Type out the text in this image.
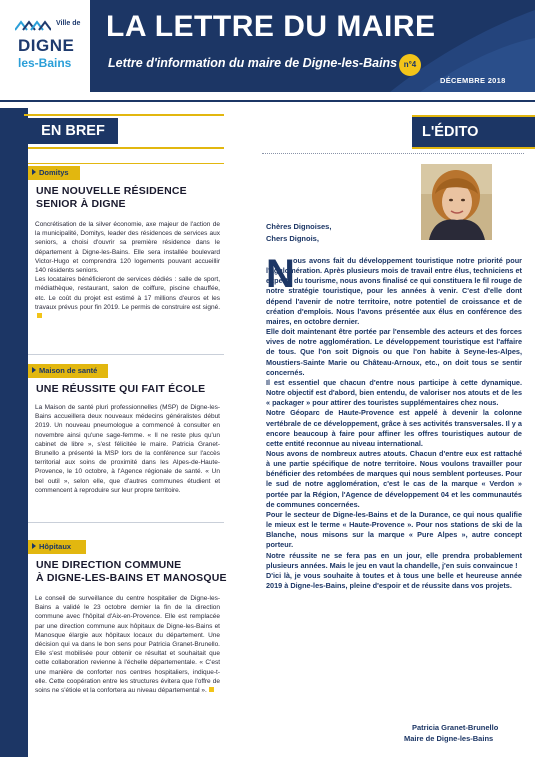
Ville de
DIGNE
les-Bains
LA LETTRE DU MAIRE
Lettre d'information du maire de Digne-les-Bains n°4
DÉCEMBRE 2018
EN BREF
Domitys
UNE NOUVELLE RÉSIDENCE
SENIOR À DIGNE

Concrétisation de la silver économie, axe majeur de l'action de la municipalité, Domitys, leader des résidences de services aux seniors, a choisi d'ouvrir sa première résidence dans le département à Digne-les-Bains. Elle sera installée boulevard Victor-Hugo et comprendra 120 logements pouvant accueillir 140 résidents seniors.

Les locataires bénéficieront de services dédiés : salle de sport, médiathèque, restaurant, salon de coiffure, piscine chauffée, etc. Le coût du projet est estimé à 17 millions d'euros et les travaux prévus pour fin 2019. Le permis de construire est signé.

Maison de santé
UNE RÉUSSITE QUI FAIT ÉCOLE

La Maison de santé pluri professionnelles (MSP) de Digne-les-Bains accueillera deux nouveaux médecins généralistes début 2019. Un nouveau pneumologue a commencé à consulter en novembre ainsi qu'une sage-femme. « Il ne reste plus qu'un cabinet de libre », s'est félicitée le maire. Patricia Granet-Brunello a présenté la MSP lors de la conférence sur l'accès territorial aux soins de proximité dans les Alpes-de-Haute-Provence, le 10 octobre, à l'Agence régionale de santé. « Un bel outil », selon elle, que d'autres communes étudient et commencent à reproduire sur leur propre territoire.

Hôpitaux
UNE DIRECTION COMMUNE
À DIGNE-LES-BAINS ET MANOSQUE

Le conseil de surveillance du centre hospitalier de Digne-les-Bains a validé le 23 octobre dernier la fin de la direction commune avec l'hôpital d'Aix-en-Provence. Elle est remplacée par une direction commune aux hôpitaux de Digne-les-Bains et Manosque élargie aux hôpitaux locaux du département. Une décision qui va dans le bon sens pour Patricia Granet-Brunello. Elle s'est mobilisée pour obtenir ce résultat et souhaitait que cette collaboration revienne à l'échelle départementale. « C'est une manière de conforter nos centres hospitaliers, indique-t-elle. Cette coopération entre les structures évitera que l'offre de soins ne s'étiole et la confortera au niveau départemental ».

L'ÉDITO
Chères Dignoises,
Chers Dignois,
N

ous avons fait du développement touristique notre priorité pour l'agglomération. Après plusieurs mois de travail entre élus, techniciens et experts du tourisme, nous avons finalisé ce qui constituera le fil rouge de notre stratégie touristique, pour les années à venir. C'est d'elle dont dépend l'avenir de notre territoire, notre potentiel de croissance et de création d'emplois. Nous l'avons présentée aux élus en conférence des maires, en octobre dernier.

Elle doit maintenant être portée par l'ensemble des acteurs et des forces vives de notre agglomération. Le développement touristique est l'affaire de tous. Que l'on soit Dignois ou que l'on habite à Seyne-les-Alpes, Moustiers-Sainte Marie ou Château-Arnoux, etc., on doit tous se sentir concernés.

Il est essentiel que chacun d'entre nous participe à cette dynamique. Notre objectif est d'abord, bien entendu, de valoriser nos atouts et de les « packager » pour attirer des touristes supplémentaires chez nous.

Notre Géoparc de Haute-Provence est appelé à devenir la colonne vertébrale de ce développement, grâce à ses activités transversales. Il y a encore beaucoup à faire pour affiner les offres touristiques autour de cette entité reconnue au niveau international.

Nous avons de nombreux autres atouts. Chacun d'entre eux est rattaché à une partie spécifique de notre territoire. Nous voulons travailler pour bénéficier des retombées de marques qui nous semblent porteuses. Pour le sud de notre agglomération, c'est le cas de la marque « Verdon » portée par la Région, l'Agence de développement 04 et les communautés de communes concernées.

Pour le secteur de Digne-les-Bains et de la Durance, ce qui nous qualifie le mieux est le terme « Haute-Provence ». Pour nos stations de ski de la Blanche, nous misons sur la marque « Pure Alpes », autre concept porteur.

Notre réussite ne se fera pas en un jour, elle prendra probablement plusieurs années. Mais le jeu en vaut la chandelle, j'en suis convaincue !

D'ici là, je vous souhaite à toutes et à tous une belle et heureuse année 2019 à Digne-les-Bains, pleine d'espoir et de réussite dans vos projets.

Patricia Granet-Brunello
Maire de Digne-les-Bains
